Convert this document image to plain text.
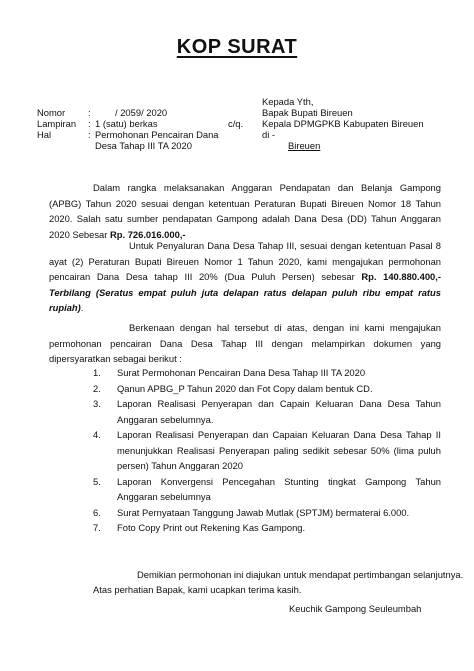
KOP SURAT
Kepada Yth,
Bapak Bupati Bireuen
c/q. Kepala DPMGPKB Kabupaten Bireuen
di -
Bireuen
Nomor :	/ 2059/ 2020
Lampiran : 1 (satu) berkas
Hal	: Permohonan Pencairan Dana
Desa Tahap III TA 2020
Dalam rangka melaksanakan Anggaran Pendapatan dan Belanja Gampong (APBG) Tahun 2020 sesuai dengan ketentuan Peraturan Bupati Bireuen Nomor 18 Tahun 2020. Salah satu sumber pendapatan Gampong adalah Dana Desa (DD) Tahun Anggaran 2020 Sebesar Rp. 726.016.000,-
Untuk Penyaluran Dana Desa Tahap III, sesuai dengan ketentuan Pasal 8 ayat (2) Peraturan Bupati Bireuen Nomor 1 Tahun 2020, kami mengajukan permohonan pencairan Dana Desa tahap III 20% (Dua Puluh Persen) sebesar Rp. 140.880.400,- Terbilang (Seratus empat puluh juta delapan ratus delapan puluh ribu empat ratus rupiah).
Berkenaan dengan hal tersebut di atas, dengan ini kami mengajukan permohonan pencairan Dana Desa Tahap III dengan melampirkan dokumen yang dipersyaratkan sebagai berikut :
1. Surat Permohonan Pencairan Dana Desa Tahap III TA 2020
2. Qanun APBG_P Tahun 2020 dan Fot Copy dalam bentuk CD.
3. Laporan Realisasi Penyerapan dan Capain Keluaran Dana Desa Tahun Anggaran sebelumnya.
4. Laporan Realisasi Penyerapan dan Capaian Keluaran Dana Desa Tahap II menunjukkan Realisasi Penyerapan paling sedikit sebesar 50% (lima puluh persen) Tahun Anggaran 2020
5. Laporan Konvergensi Pencegahan Stunting tingkat Gampong Tahun Anggaran sebelumnya
6. Surat Pernyataan Tanggung Jawab Mutlak (SPTJM) bermaterai 6.000.
7. Foto Copy Print out Rekening Kas Gampong.
Demikian permohonan ini diajukan untuk mendapat pertimbangan selanjutnya.
Atas perhatian Bapak, kami ucapkan terima kasih.
Keuchik Gampong Seuleumbah
